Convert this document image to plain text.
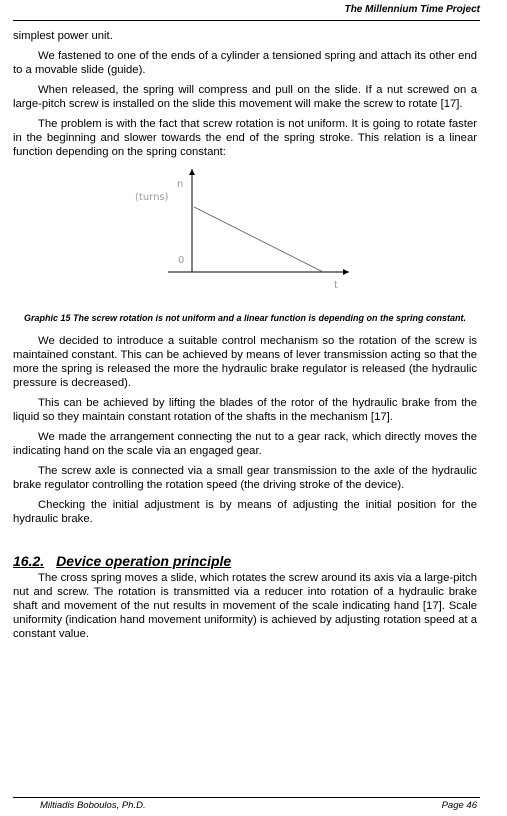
The Millennium Time Project

simplest power unit.

We fastened to one of the ends of a cylinder a tensioned spring and attach its other end to a movable slide (guide).

When released, the spring will compress and pull on the slide. If a nut screwed on a large-pitch screw is installed on the slide this movement will make the screw to rotate [17].

The problem is with the fact that screw rotation is not uniform. It is going to rotate faster in the beginning and slower towards the end of the spring stroke. This relation is a linear function depending on the spring constant:

n
(turns)
0
t
Graphic 15 The screw rotation is not uniform and a linear function is depending on the spring constant.

We decided to introduce a suitable control mechanism so the rotation of the screw is maintained constant. This can be achieved by means of lever transmission acting so that the more the spring is released the more the hydraulic brake regulator is released (the hydraulic pressure is decreased).

This can be achieved by lifting the blades of the rotor of the hydraulic brake from the liquid so they maintain constant rotation of the shafts in the mechanism [17].

We made the arrangement connecting the nut to a gear rack, which directly moves the indicating hand on the scale via an engaged gear.

The screw axle is connected via a small gear transmission to the axle of the hydraulic brake regulator controlling the rotation speed (the driving stroke of the device).

Checking the initial adjustment is by means of adjusting the initial position for the hydraulic brake.

16.2. Device operation principle

The cross spring moves a slide, which rotates the screw around its axis via a large-pitch nut and screw. The rotation is transmitted via a reducer into rotation of a hydraulic brake shaft and movement of the nut results in movement of the scale indicating hand [17]. Scale uniformity (indication hand movement uniformity) is achieved by adjusting rotation speed at a constant value.

Miltiadis Boboulos, Ph.D.	Page 46
